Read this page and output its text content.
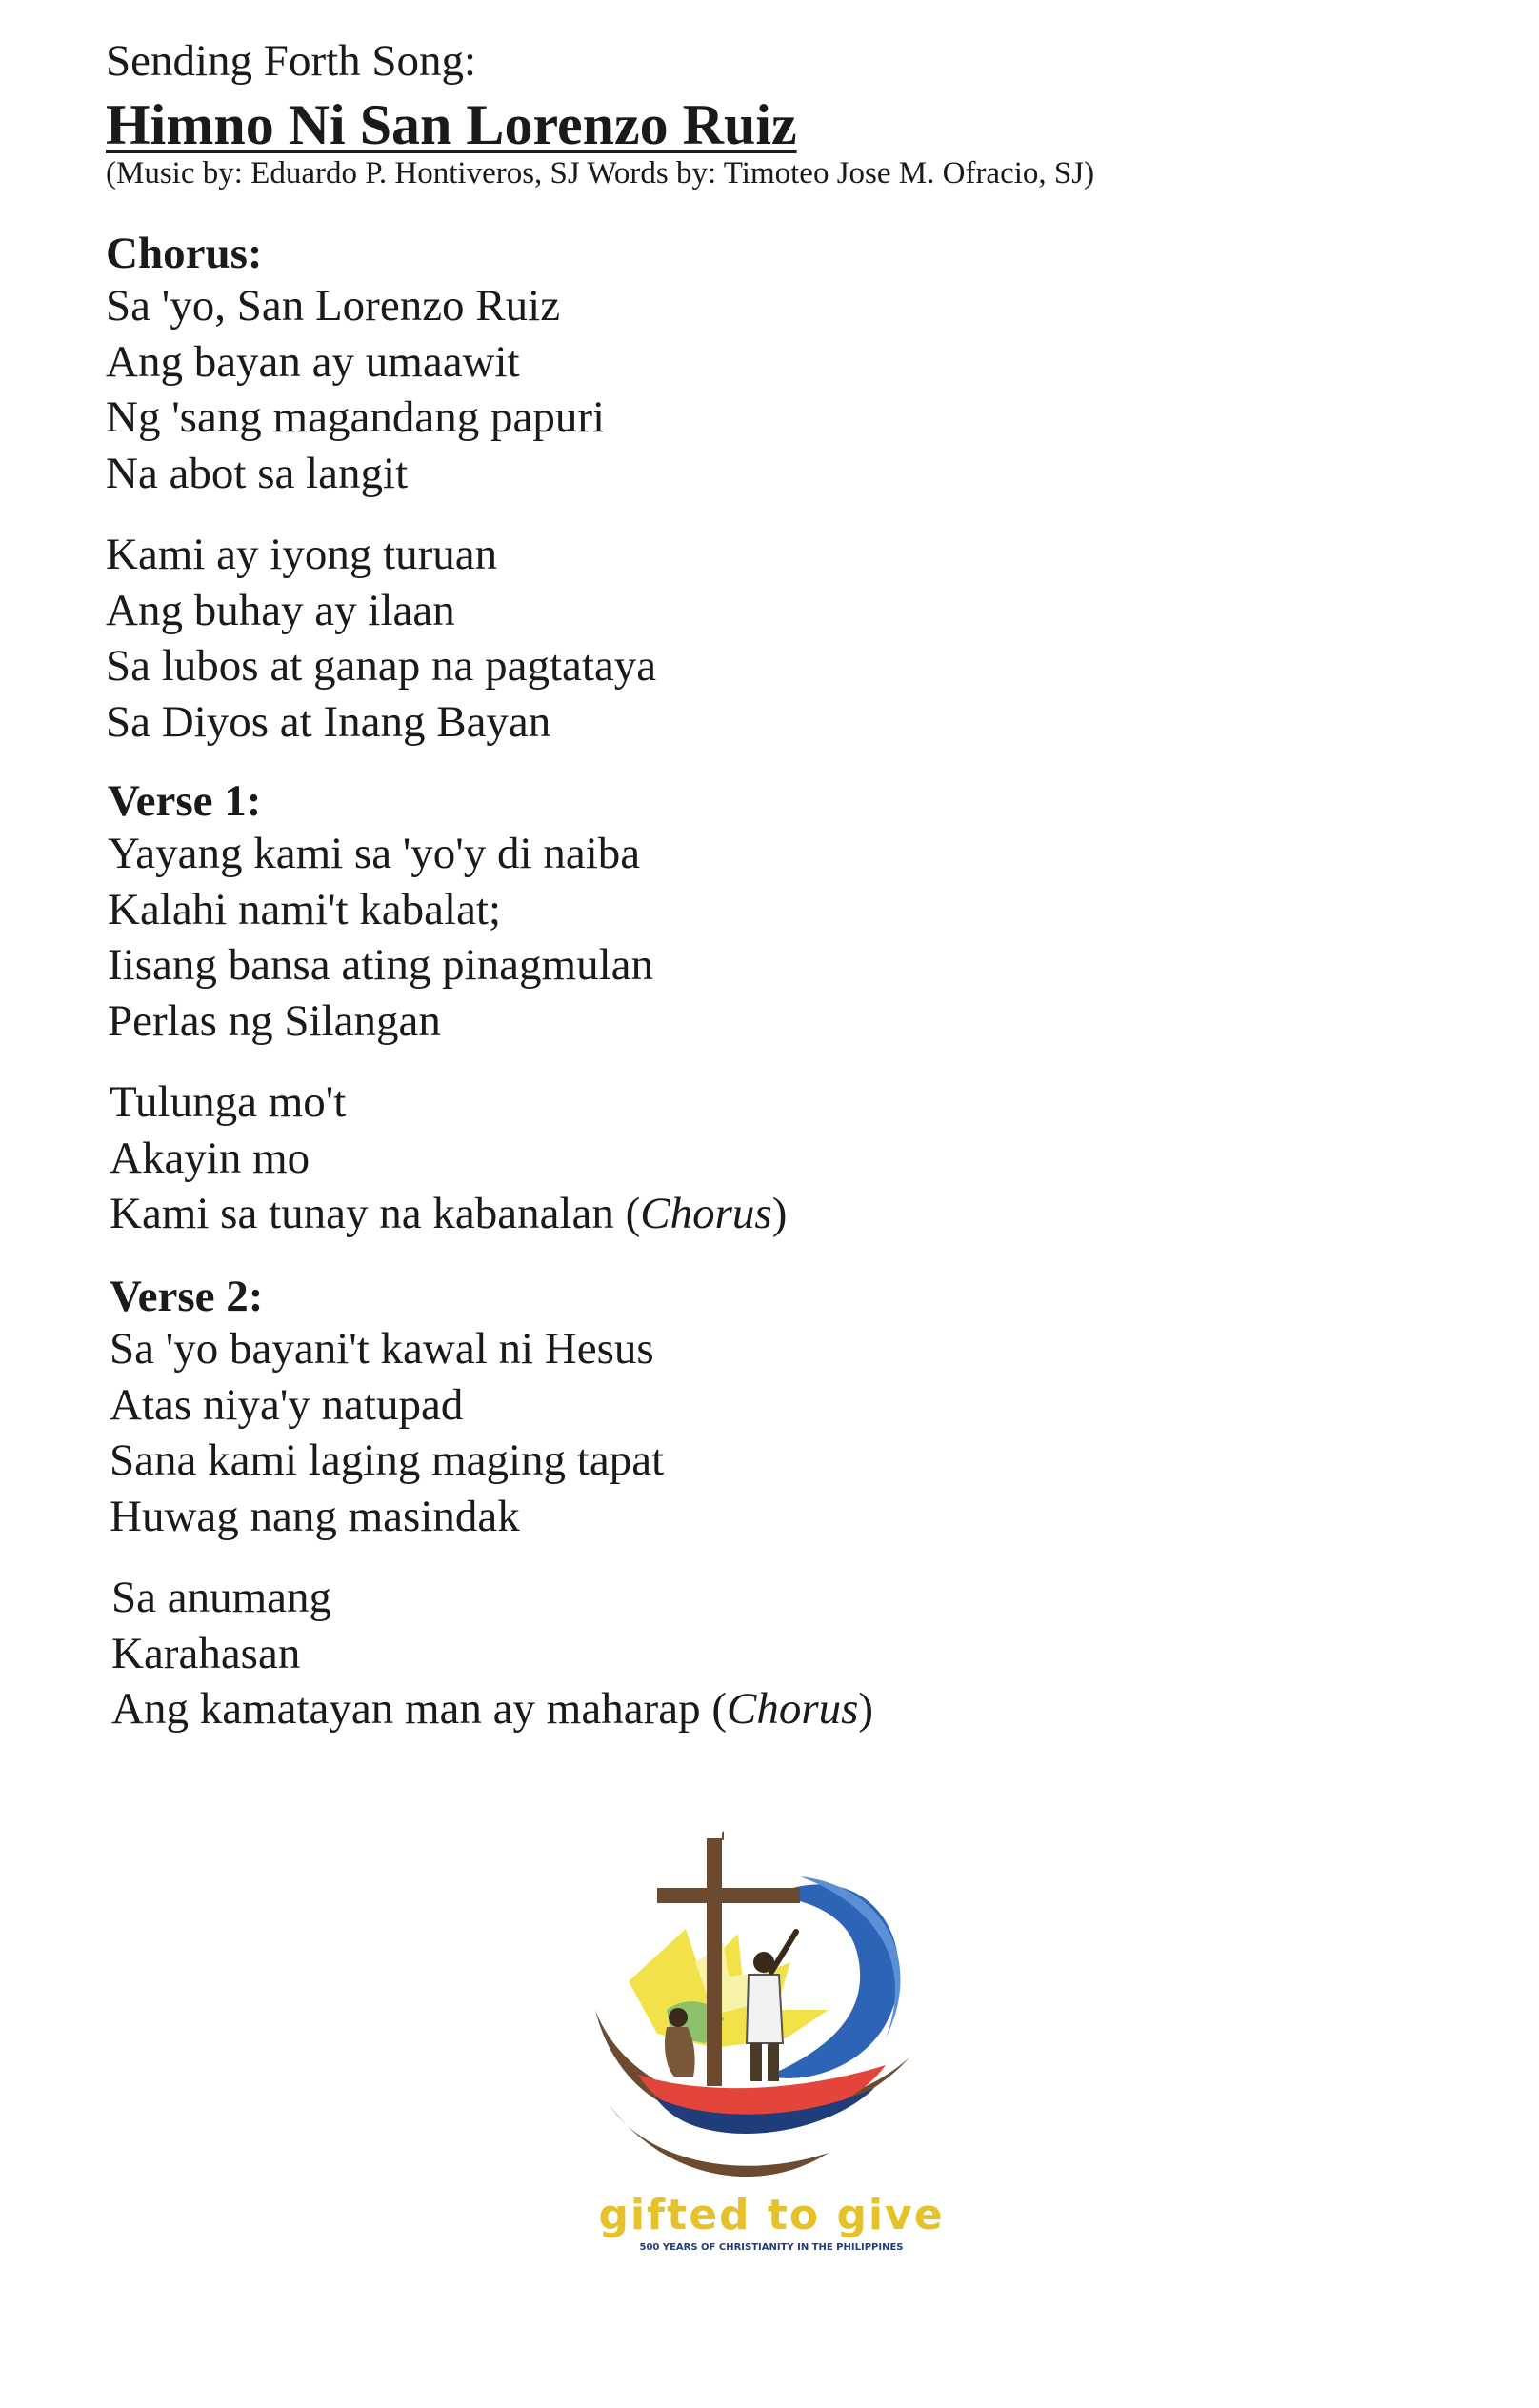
Sending Forth Song:
Himno Ni San Lorenzo Ruiz
(Music by: Eduardo P. Hontiveros, SJ Words by: Timoteo Jose M. Ofracio, SJ)
Chorus:
Sa 'yo, San Lorenzo Ruiz
Ang bayan ay umaawit
Ng 'sang magandang papuri
Na abot sa langit
Kami ay iyong turuan
Ang buhay ay ilaan
Sa lubos at ganap na pagtataya
Sa Diyos at Inang Bayan
Verse 1:
Yayang kami sa 'yo'y di naiba
Kalahi nami't kabalat;
Iisang bansa ating pinagmulan
Perlas ng Silangan
Tulunga mo't
Akayin mo
Kami sa tunay na kabanalan (Chorus)
Verse 2:
Sa 'yo bayani't kawal ni Hesus
Atas niya'y natupad
Sana kami laging maging tapat
Huwag nang masindak
Sa anumang
Karahasan
Ang kamatayan man ay maharap (Chorus)
gifted to give
500 YEARS OF CHRISTIANITY IN THE PHILIPPINES
